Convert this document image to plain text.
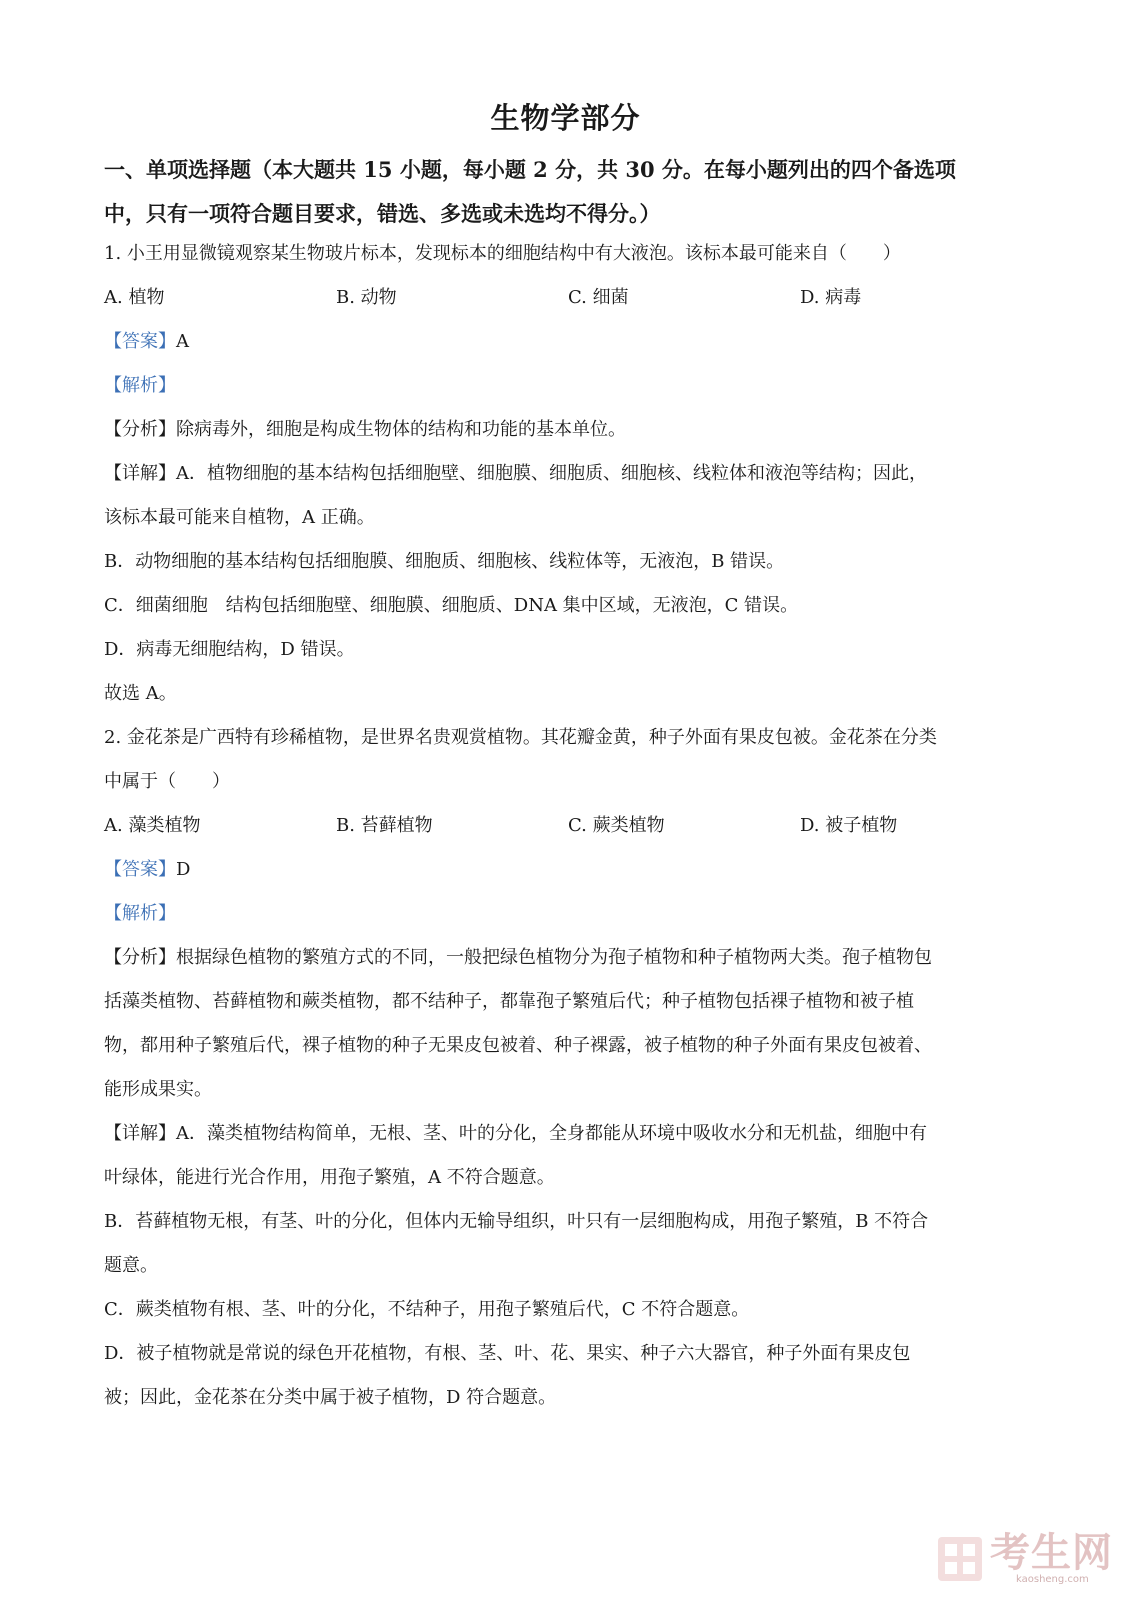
生物学部分
一、单项选择题（本大题共 15 小题，每小题 2 分，共 30 分。在每小题列出的四个备选项
中，只有一项符合题目要求，错选、多选或未选均不得分。）
1. 小王用显微镜观察某生物玻片标本，发现标本的细胞结构中有大液泡。该标本最可能来自（　　）
A. 植物	B. 动物	C. 细菌	D. 病毒
【答案】A
【解析】
【分析】除病毒外，细胞是构成生物体的结构和功能的基本单位。
【详解】A．植物细胞的基本结构包括细胞壁、细胞膜、细胞质、细胞核、线粒体和液泡等结构；因此，
该标本最可能来自植物，A 正确。
B．动物细胞的基本结构包括细胞膜、细胞质、细胞核、线粒体等，无液泡，B 错误。
C．细菌细胞　结构包括细胞壁、细胞膜、细胞质、DNA 集中区域，无液泡，C 错误。
D．病毒无细胞结构，D 错误。
故选 A。
2. 金花茶是广西特有珍稀植物，是世界名贵观赏植物。其花瓣金黄，种子外面有果皮包被。金花茶在分类
中属于（　　）
A. 藻类植物	B. 苔藓植物	C. 蕨类植物	D. 被子植物
【答案】D
【解析】
【分析】根据绿色植物的繁殖方式的不同，一般把绿色植物分为孢子植物和种子植物两大类。孢子植物包
括藻类植物、苔藓植物和蕨类植物，都不结种子，都靠孢子繁殖后代；种子植物包括裸子植物和被子植
物，都用种子繁殖后代，裸子植物的种子无果皮包被着、种子裸露，被子植物的种子外面有果皮包被着、
能形成果实。
【详解】A．藻类植物结构简单，无根、茎、叶的分化，全身都能从环境中吸收水分和无机盐，细胞中有
叶绿体，能进行光合作用，用孢子繁殖，A 不符合题意。
B．苔藓植物无根，有茎、叶的分化，但体内无输导组织，叶只有一层细胞构成，用孢子繁殖，B 不符合
题意。
C．蕨类植物有根、茎、叶的分化，不结种子，用孢子繁殖后代，C 不符合题意。
D．被子植物就是常说的绿色开花植物，有根、茎、叶、花、果实、种子六大器官，种子外面有果皮包
被；因此，金花茶在分类中属于被子植物，D 符合题意。
考生网
kaosheng.com
